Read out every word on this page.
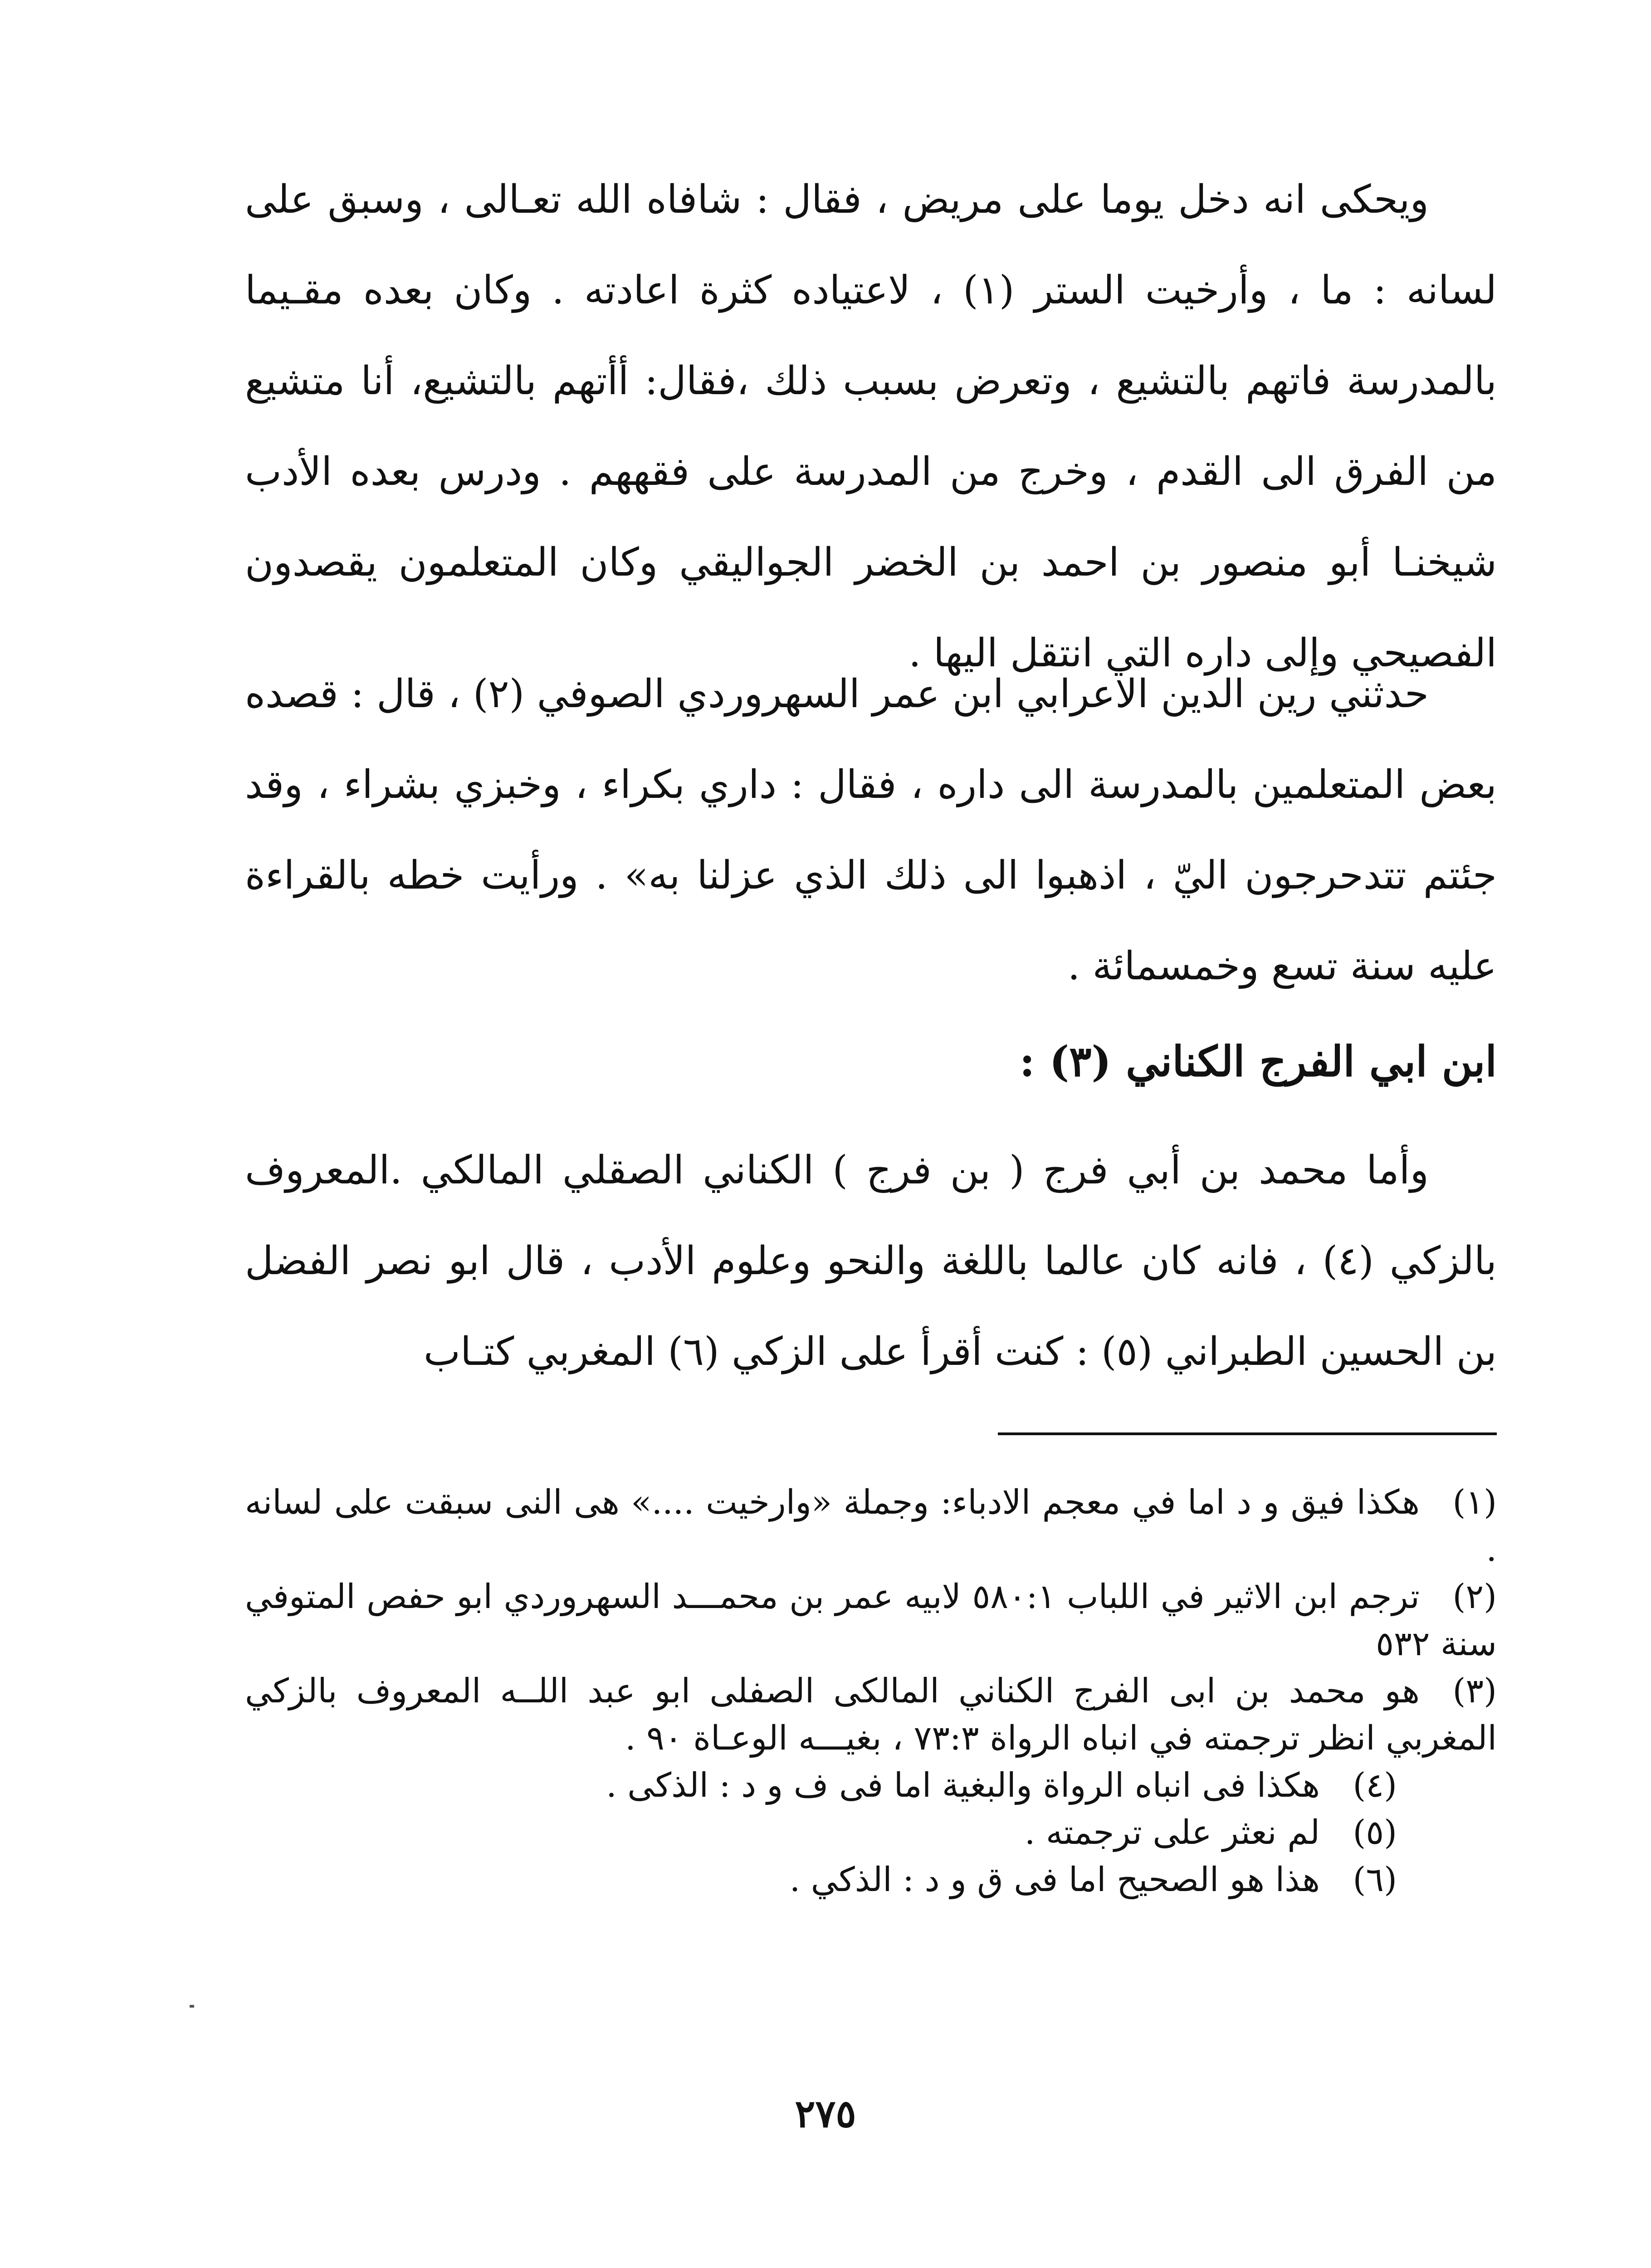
ويحكى انه دخل يوما على مريض ، فقال : شافاه الله تعـالى ، وسبق على لسانه : ما ، وأرخيت الستر (١) ، لاعتياده كثرة اعادته . وكان بعده مقـيما بالمدرسة فاتهم بالتشيع ، وتعرض بسبب ذلك ،فقال: أأتهم بالتشيع، أنا متشيع من الفرق الى القدم ، وخرج من المدرسة على فقههم . ودرس بعده الأدب شيخنـا أبو منصور بن احمد بن الخضر الجواليقي وكان المتعلمون يقصدون الفصيحي وإلى داره التي انتقل اليها .

حدثني رين الدين الاعرابي ابن عمر السهروردي الصوفي (٢) ، قال : قصده بعض المتعلمين بالمدرسة الى داره ، فقال : داري بكراء ، وخبزي بشراء ، وقد جئتم تتدحرجون اليّ ، اذهبوا الى ذلك الذي عزلنا به» . ورأيت خطه بالقراءة عليه سنة تسع وخمسمائة .

ابن ابي الفرج الكناني (٣) :

وأما محمد بن أبي فرج ( بن فرج ) الكناني الصقلي المالكي .المعروف بالزكي (٤) ، فانه كان عالما باللغة والنحو وعلوم الأدب ، قال ابو نصر الفضل بن الحسين الطبراني (٥) : كنت أقرأ على الزكي (٦) المغربي كتـاب

(١)هكذا فيق و د اما في معجم الادباء: وجملة «وارخيت ....» هى النى سبقت على لسانه .

(٢)ترجم ابن الاثير في اللباب ٥٨٠:١ لابيه عمر بن محمـــد السهروردي ابو حفص المتوفي سنة ٥٣٢

(٣)هو محمد بن ابى الفرج الكناني المالكى الصفلى ابو عبد اللــه المعروف بالزكي المغربي انظر ترجمته في انباه الرواة ٧٣:٣ ، بغيـــه الوعـاة ٩٠ .

(٤)هكذا فى انباه الرواة والبغية اما فى ف و د : الذكى .

(٥)لم نعثر على ترجمته .

(٦)هذا هو الصحيح اما فى ق و د : الذكي .

٢٧٥
